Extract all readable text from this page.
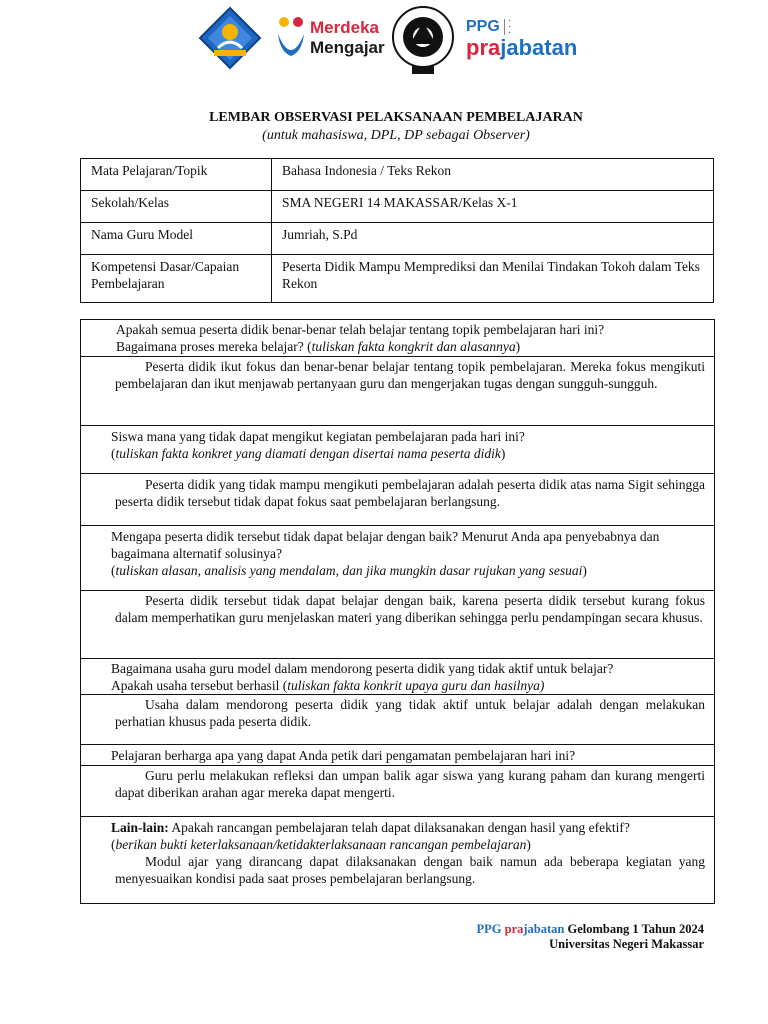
Merdeka
Mengajar
PPG ▪
▪
▪
prajabatan
LEMBAR OBSERVASI PELAKSANAAN PEMBELAJARAN
(untuk mahasiswa, DPL, DP sebagai Observer)
Mata Pelajaran/Topik	Bahasa Indonesia / Teks Rekon
Sekolah/Kelas	SMA NEGERI 14 MAKASSAR/Kelas X-1
Nama Guru Model	Jumriah, S.Pd
Kompetensi Dasar/Capaian Pembelajaran	Peserta Didik Mampu Memprediksi dan Menilai Tindakan Tokoh dalam Teks Rekon
Apakah semua peserta didik benar-benar telah belajar tentang topik pembelajaran hari ini?
Bagaimana proses mereka belajar? (tuliskan fakta kongkrit dan alasannya)
Peserta didik ikut fokus dan benar-benar belajar tentang topik pembelajaran. Mereka fokus mengikuti pembelajaran dan ikut menjawab pertanyaan guru dan mengerjakan tugas dengan sungguh-sungguh.
Siswa mana yang tidak dapat mengikut kegiatan pembelajaran pada hari ini?
(tuliskan fakta konkret yang diamati dengan disertai nama peserta didik)
Peserta didik yang tidak mampu mengikuti pembelajaran adalah peserta didik atas nama Sigit sehingga peserta didik tersebut tidak dapat fokus saat pembelajaran berlangsung.
Mengapa peserta didik tersebut tidak dapat belajar dengan baik? Menurut Anda apa penyebabnya dan bagaimana alternatif solusinya?
(tuliskan alasan, analisis yang mendalam, dan jika mungkin dasar rujukan yang sesuai)
Peserta didik tersebut tidak dapat belajar dengan baik, karena peserta didik tersebut kurang fokus dalam memperhatikan guru menjelaskan materi yang diberikan sehingga perlu pendampingan secara khusus.
Bagaimana usaha guru model dalam mendorong peserta didik yang tidak aktif untuk belajar?
Apakah usaha tersebut berhasil (tuliskan fakta konkrit upaya guru dan hasilnya)
Usaha dalam mendorong peserta didik yang tidak aktif untuk belajar adalah dengan melakukan perhatian khusus pada peserta didik.
Pelajaran berharga apa yang dapat Anda petik dari pengamatan pembelajaran hari ini?
Guru perlu melakukan refleksi dan umpan balik agar siswa yang kurang paham dan kurang mengerti dapat diberikan arahan agar mereka dapat mengerti.
Lain-lain: Apakah rancangan pembelajaran telah dapat dilaksanakan dengan hasil yang efektif?
(berikan bukti keterlaksanaan/ketidakterlaksanaan rancangan pembelajaran)
Modul ajar yang dirancang dapat dilaksanakan dengan baik namun ada beberapa kegiatan yang menyesuaikan kondisi pada saat proses pembelajaran berlangsung.
PPG prajabatan Gelombang 1 Tahun 2024
Universitas Negeri Makassar
